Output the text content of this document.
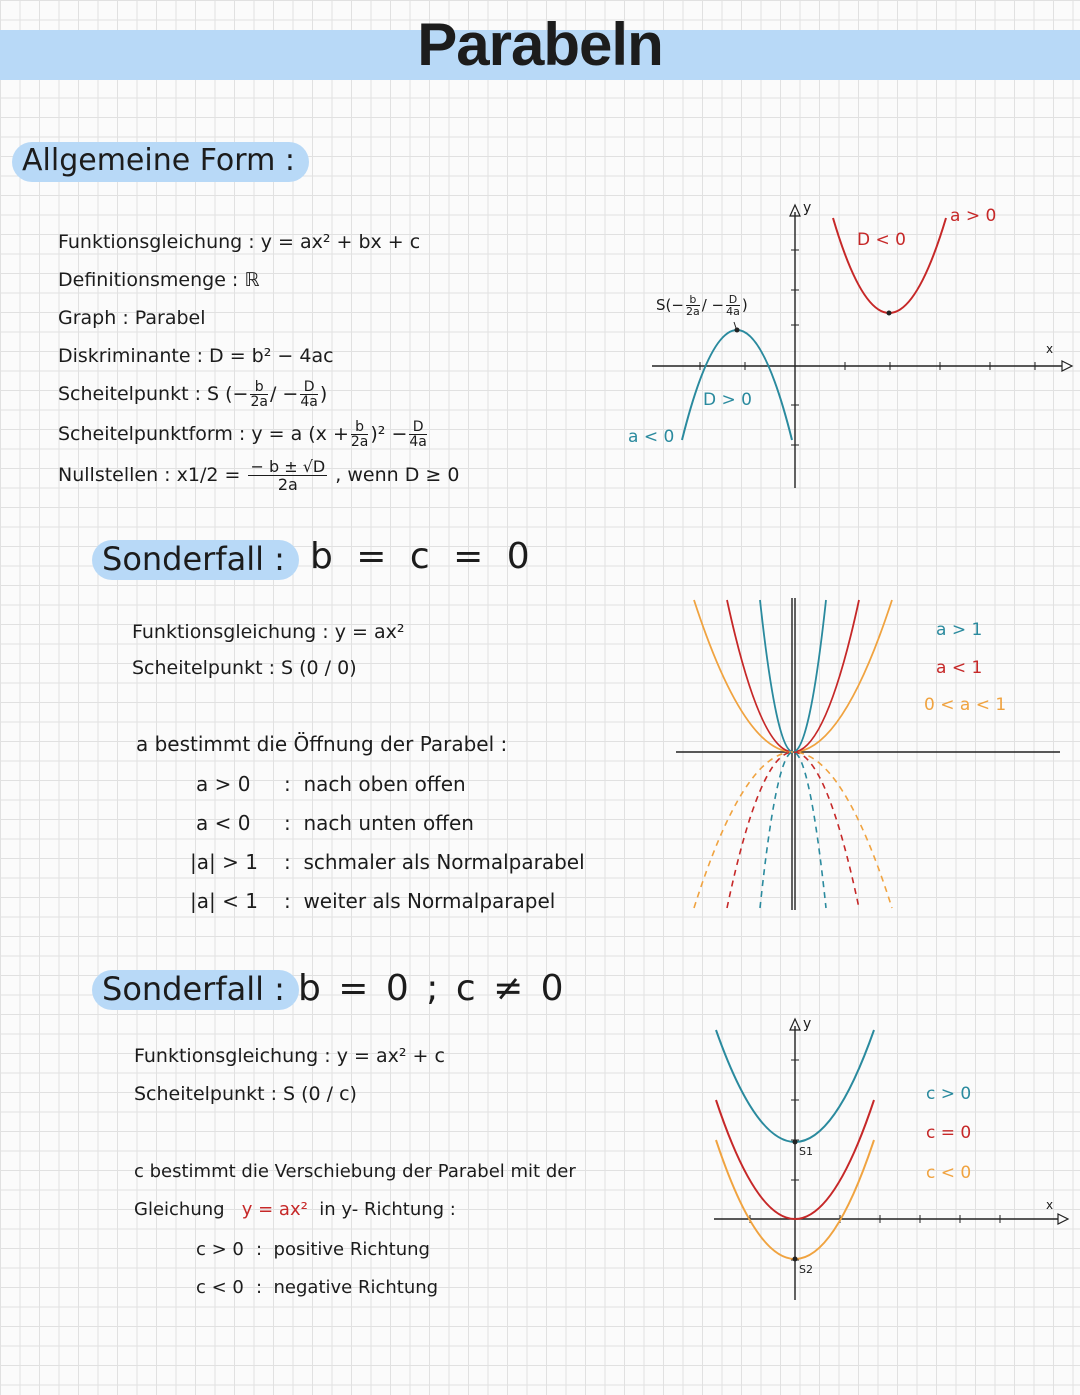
Parabeln
Allgemeine Form :
Funktionsgleichung : y = ax² + bx + c
Definitionsmenge : ℝ
Graph : Parabel
Diskriminante : D = b² − 4ac
Scheitelpunkt : S (− $\frac{b}{2a}$ / − $\frac{D}{4a}$ )
Scheitelpunktform : y = a $(x + \frac{b}{2a} )^2 - \frac{D}{4a}$
Nullstellen : $x1/2 = \frac{- b \pm √D}{2a}$ , wenn D ≥ 0
$S(- \frac{b}{2a}$ / − $\frac{D}{4a}$ )
y
x
D < 0
a > 0
D > 0
a < 0
Sonderfall : b = c = 0
Funktionsgleichung : y = ax²
Scheitelpunkt : S (0 / 0)
a bestimmt die Öffnung der Parabel :
a > 0 :  nach oben offen
a < 0 :  nach unten offen
|a| > 1 :  schmaler als Normalparabel
|a| < 1 :  weiter als Normalparapel
a > 1
a < 1
0 < a < 1
Sonderfall : b = 0 ; c ≠ 0
Funktionsgleichung : y = ax² + c
Scheitelpunkt : S (0 / c)
c bestimmt die Verschiebung der Parabel mit der
Gleichung y = ax² in y- Richtung :
c > 0 :  positive Richtung
c < 0 :  negative Richtung
y
x
S1
S2
c > 0
c = 0
c < 0
